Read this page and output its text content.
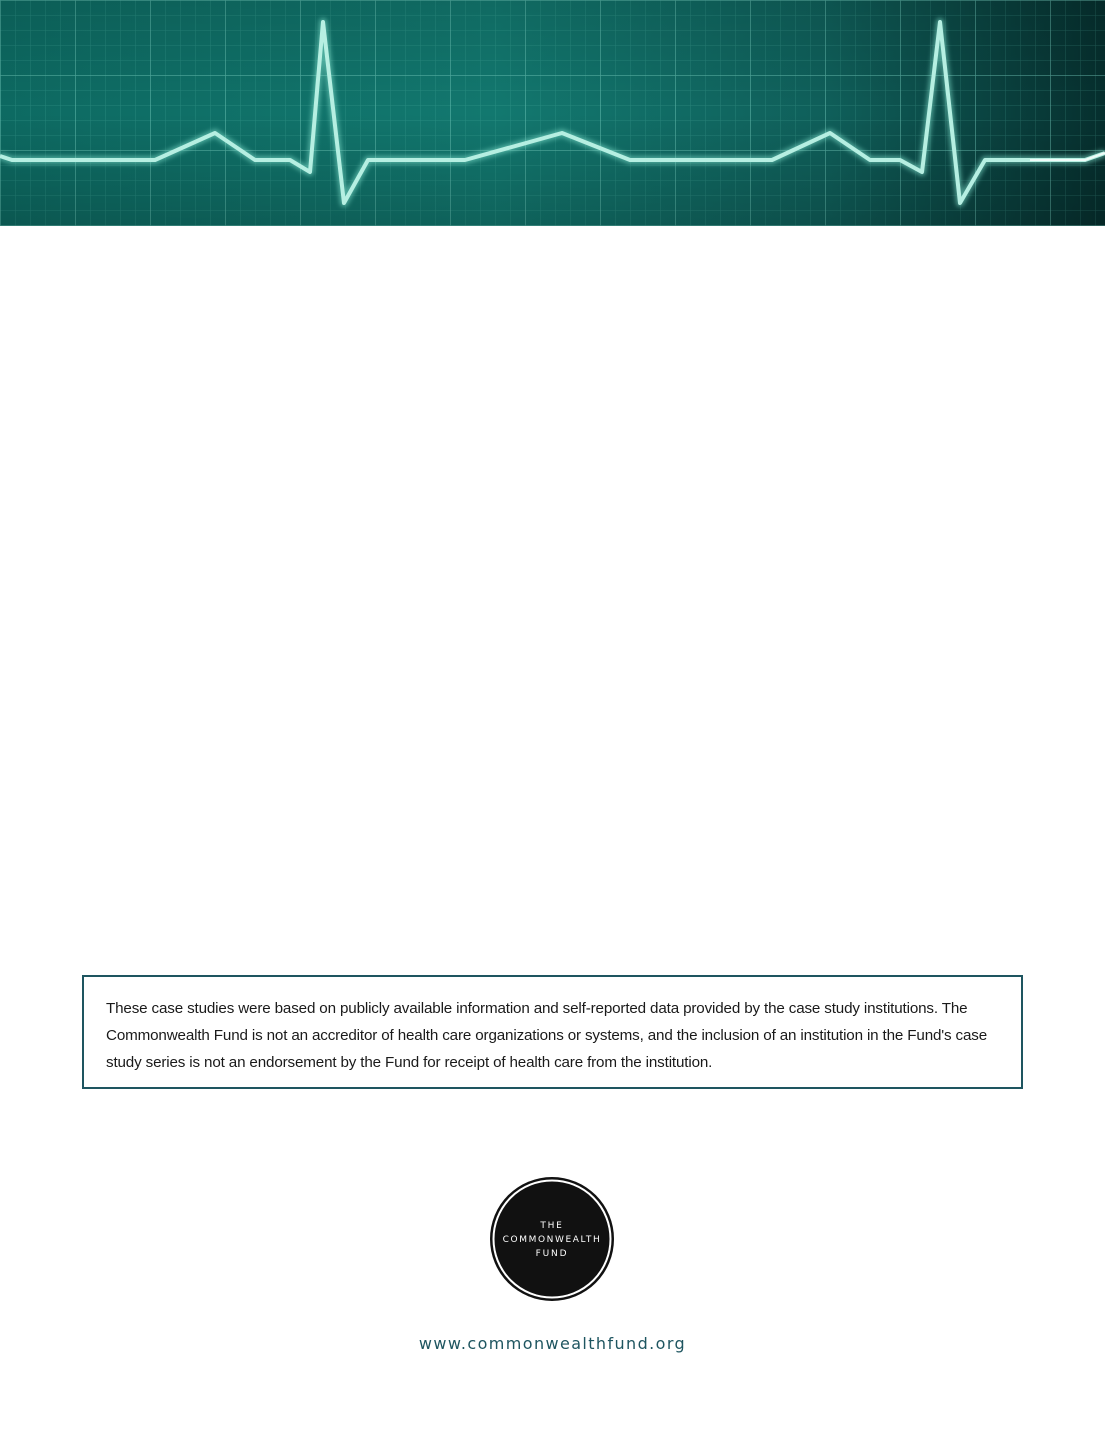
These case studies were based on publicly available information and self-reported data provided by the case study institutions. The Commonwealth Fund is not an accreditor of health care organizations or systems, and the inclusion of an institution in the Fund's case study series is not an endorsement by the Fund for receipt of health care from the institution.

THE
COMMONWEALTH
FUND
www.commonwealthfund.org
